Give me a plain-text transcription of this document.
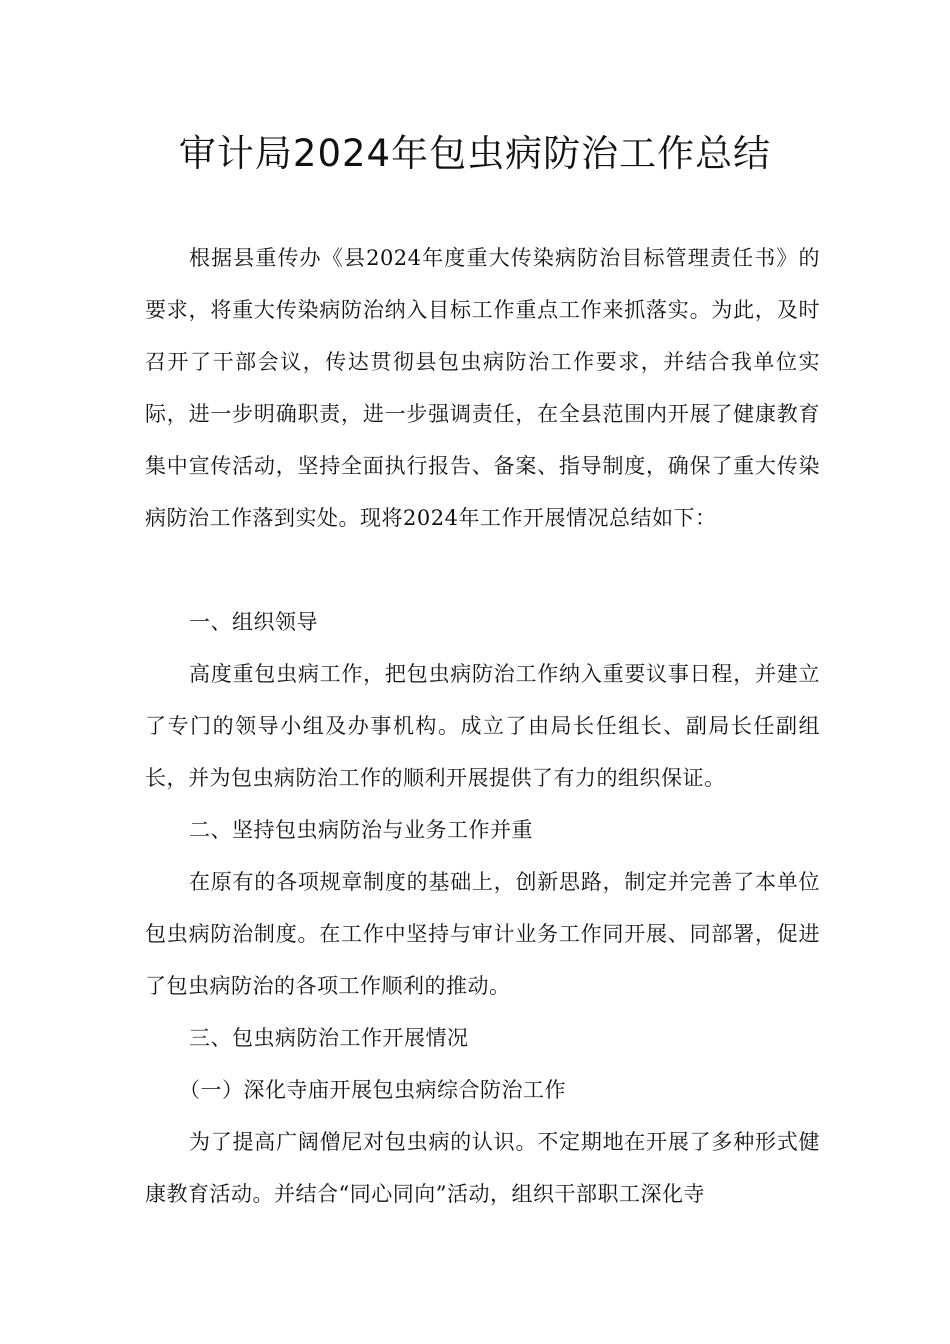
审计局2024年包虫病防治工作总结

根据县重传办《县2024年度重大传染病防治目标管理责任书》的要求，将重大传染病防治纳入目标工作重点工作来抓落实。为此，及时召开了干部会议，传达贯彻县包虫病防治工作要求，并结合我单位实际，进一步明确职责，进一步强调责任，在全县范围内开展了健康教育集中宣传活动，坚持全面执行报告、备案、指导制度，确保了重大传染病防治工作落到实处。现将2024年工作开展情况总结如下：

一、组织领导

高度重包虫病工作，把包虫病防治工作纳入重要议事日程，并建立了专门的领导小组及办事机构。成立了由局长任组长、副局长任副组长，并为包虫病防治工作的顺利开展提供了有力的组织保证。

二、坚持包虫病防治与业务工作并重

在原有的各项规章制度的基础上，创新思路，制定并完善了本单位包虫病防治制度。在工作中坚持与审计业务工作同开展、同部署，促进了包虫病防治的各项工作顺利的推动。

三、包虫病防治工作开展情况

（一）深化寺庙开展包虫病综合防治工作

为了提高广阔僧尼对包虫病的认识。不定期地在开展了多种形式健康教育活动。并结合“同心同向”活动，组织干部职工深化寺
